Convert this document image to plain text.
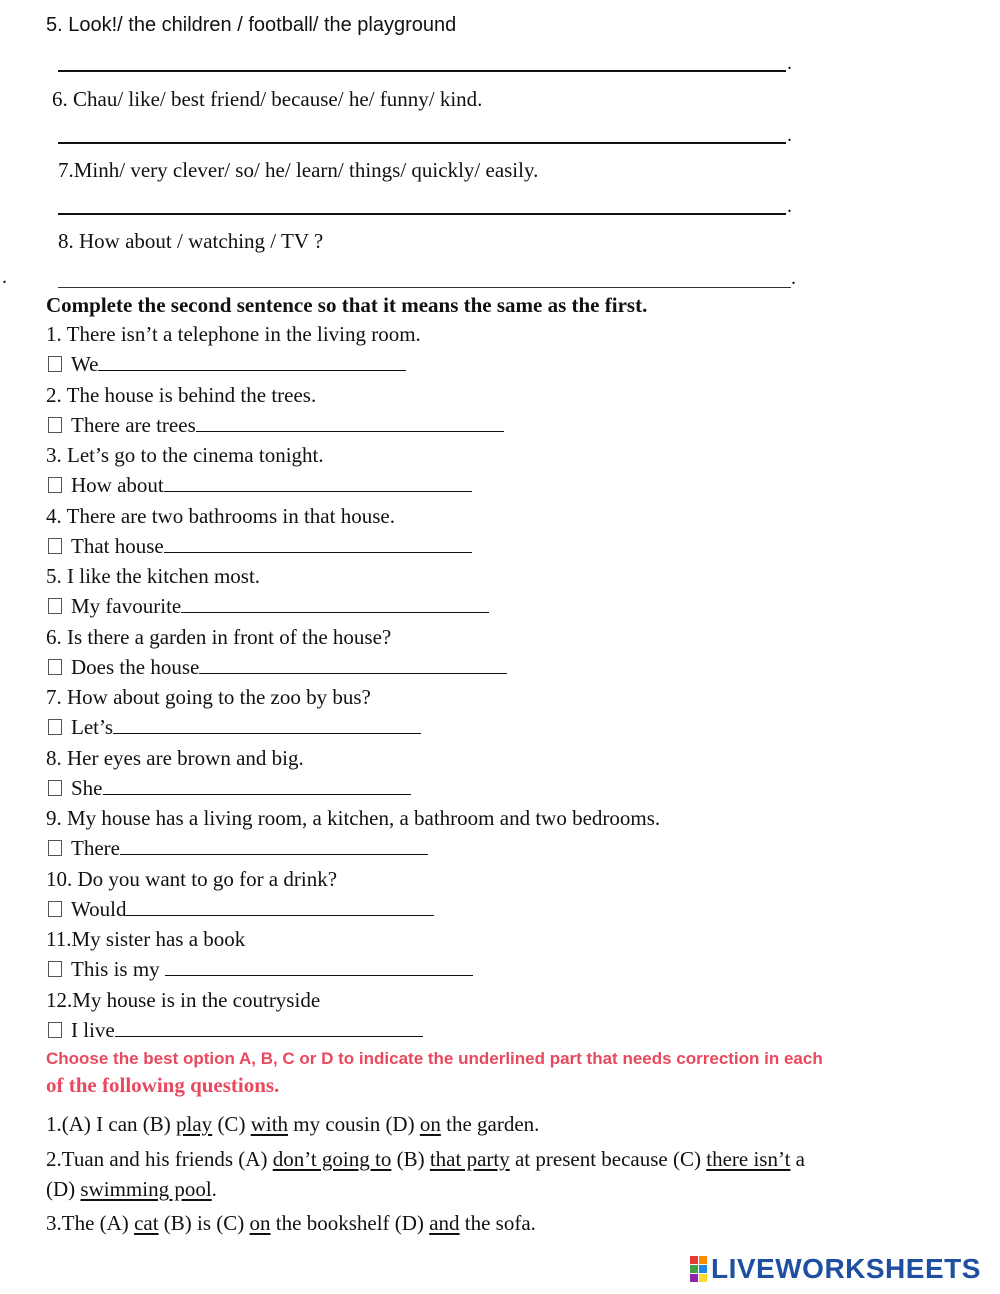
5. Look!/ the children / football/ the playground
.
6. Chau/ like/ best friend/ because/ he/ funny/ kind.
.
7.Minh/ very clever/ so/ he/ learn/ things/ quickly/ easily.
.
8. How about / watching / TV ?
.	.
Complete the second sentence so that it means the same as the first.
1. There isn’t a telephone in the living room.
We
2. The house is behind the trees.
There are trees
3. Let’s go to the cinema tonight.
How about
4. There are two bathrooms in that house.
That house
5. I like the kitchen most.
My favourite
6. Is there a garden in front of the house?
Does the house
7. How about going to the zoo by bus?
Let’s
8. Her eyes are brown and big.
She
9. My house has a living room, a kitchen, a bathroom and two bedrooms.
There
10. Do you want to go for a drink?
Would
11.My sister has a book
This is my
12.My house is in the coutryside
I live
Choose the best option A, B, C or D to indicate the underlined part that needs correction in each
of the following questions.
1.(A) I can (B) play (C) with my cousin (D) on the garden.
2.Tuan and his friends (A) don’t going to (B) that party at present because (C) there isn’t a
(D) swimming pool.
3.The (A) cat (B) is (C) on the bookshelf (D) and the sofa.
LIVEWORKSHEETS
